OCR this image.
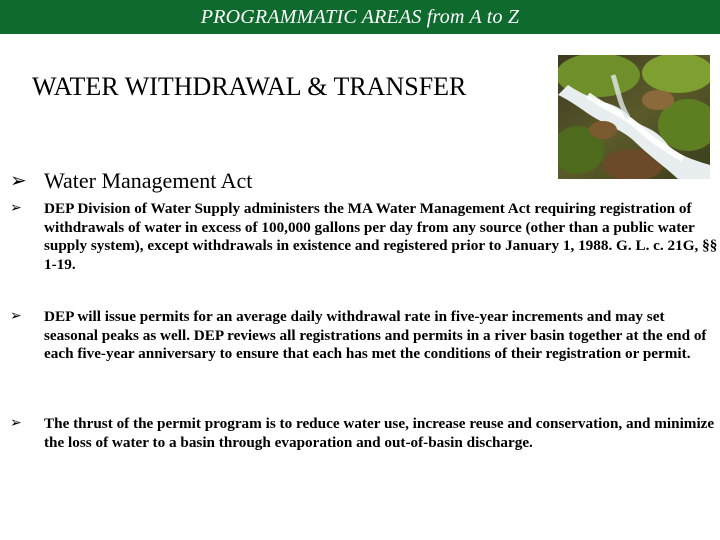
PROGRAMMATIC AREAS from A to Z
WATER WITHDRAWAL & TRANSFER
➢ Water Management Act
➢ DEP Division of Water Supply administers the MA Water Management Act requiring registration of withdrawals of water in excess of 100,000 gallons per day from any source (other than a public water supply system), except withdrawals in existence and registered prior to January 1, 1988. G. L. c. 21G, §§ 1-19.
➢ DEP will issue permits for an average daily withdrawal rate in five-year increments and may set seasonal peaks as well. DEP reviews all registrations and permits in a river basin together at the end of each five-year anniversary to ensure that each has met the conditions of their registration or permit.
➢ The thrust of the permit program is to reduce water use, increase reuse and conservation, and minimize the loss of water to a basin through evaporation and out-of-basin discharge.
